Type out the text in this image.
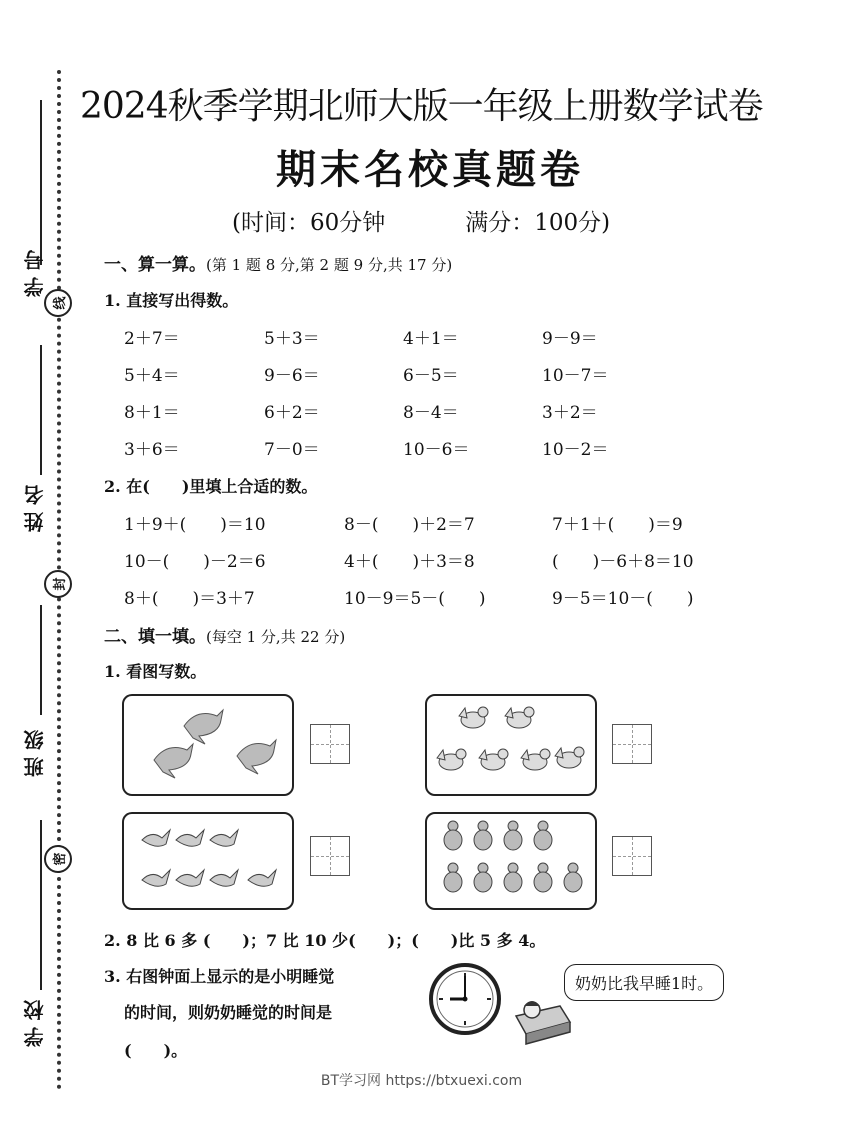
学 号
线
姓 名
封
班 级
密
学 校
2024秋季学期北师大版一年级上册数学试卷
期末名校真题卷
(时间：60分钟	满分：100分)
一、算一算。(第 1 题 8 分,第 2 题 9 分,共 17 分)
1. 直接写出得数。
2＋7＝	5＋3＝	4＋1＝	9－9＝
5＋4＝	9－6＝	6－5＝	10－7＝
8＋1＝	6＋2＝	8－4＝	3＋2＝
3＋6＝	7－0＝	10－6＝	10－2＝
2. 在(　　)里填上合适的数。
1＋9＋(　　)＝10	8－(　　)＋2＝7	7＋1＋(　　)＝9
10－(　　)－2＝6	4＋(　　)＋3＝8	(　　)－6＋8＝10
8＋(　　)＝3＋7	10－9＝5－(　　)	9－5＝10－(　　)
二、填一填。(每空 1 分,共 22 分)
1. 看图写数。
2. 8 比 6 多 (　　)；7 比 10 少(　　)；(　　)比 5 多 4。
3. 右图钟面上显示的是小明睡觉
的时间，则奶奶睡觉的时间是
(　　)。
奶奶比我早睡1时。
BT学习网 https://btxuexi.com
